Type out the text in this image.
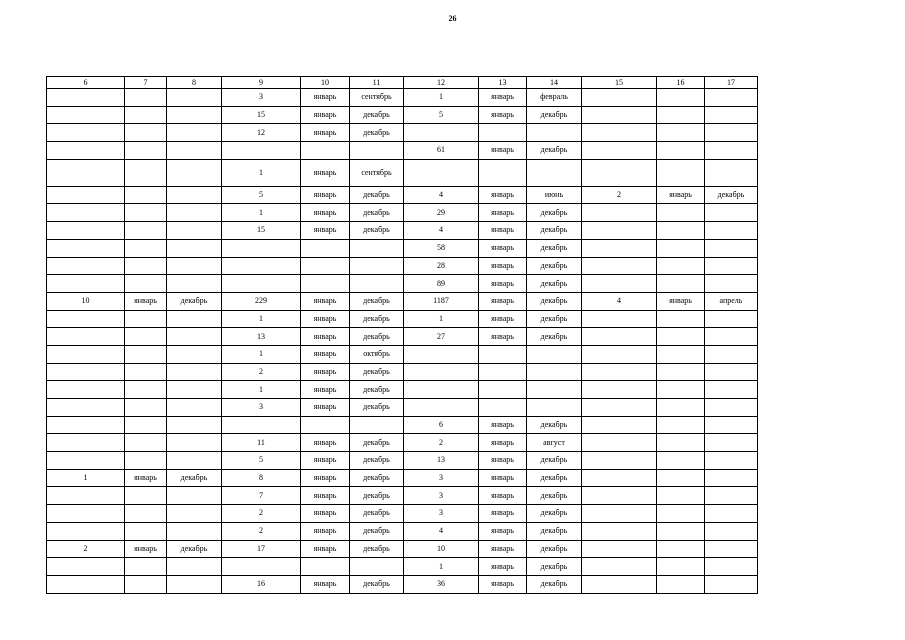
26
6	7	8	9	10	11	12	13	14	15	16	17
			3	январь	сентябрь	1	январь	февраль			
			15	январь	декабрь	5	январь	декабрь			
			12	январь	декабрь						
						61	январь	декабрь			
			1	январь	сентябрь						
			5	январь	декабрь	4	январь	июнь	2	январь	декабрь
			1	январь	декабрь	29	январь	декабрь			
			15	январь	декабрь	4	январь	декабрь			
						58	январь	декабрь			
						28	январь	декабрь			
						89	январь	декабрь			
10	январь	декабрь	229	январь	декабрь	1187	январь	декабрь	4	январь	апрель
			1	январь	декабрь	1	январь	декабрь			
			13	январь	декабрь	27	январь	декабрь			
			1	январь	октябрь						
			2	январь	декабрь						
			1	январь	декабрь						
			3	январь	декабрь						
						6	январь	декабрь			
			11	январь	декабрь	2	январь	август			
			5	январь	декабрь	13	январь	декабрь			
1	январь	декабрь	8	январь	декабрь	3	январь	декабрь			
			7	январь	декабрь	3	январь	декабрь			
			2	январь	декабрь	3	январь	декабрь			
			2	январь	декабрь	4	январь	декабрь			
2	январь	декабрь	17	январь	декабрь	10	январь	декабрь			
						1	январь	декабрь			
			16	январь	декабрь	36	январь	декабрь			
